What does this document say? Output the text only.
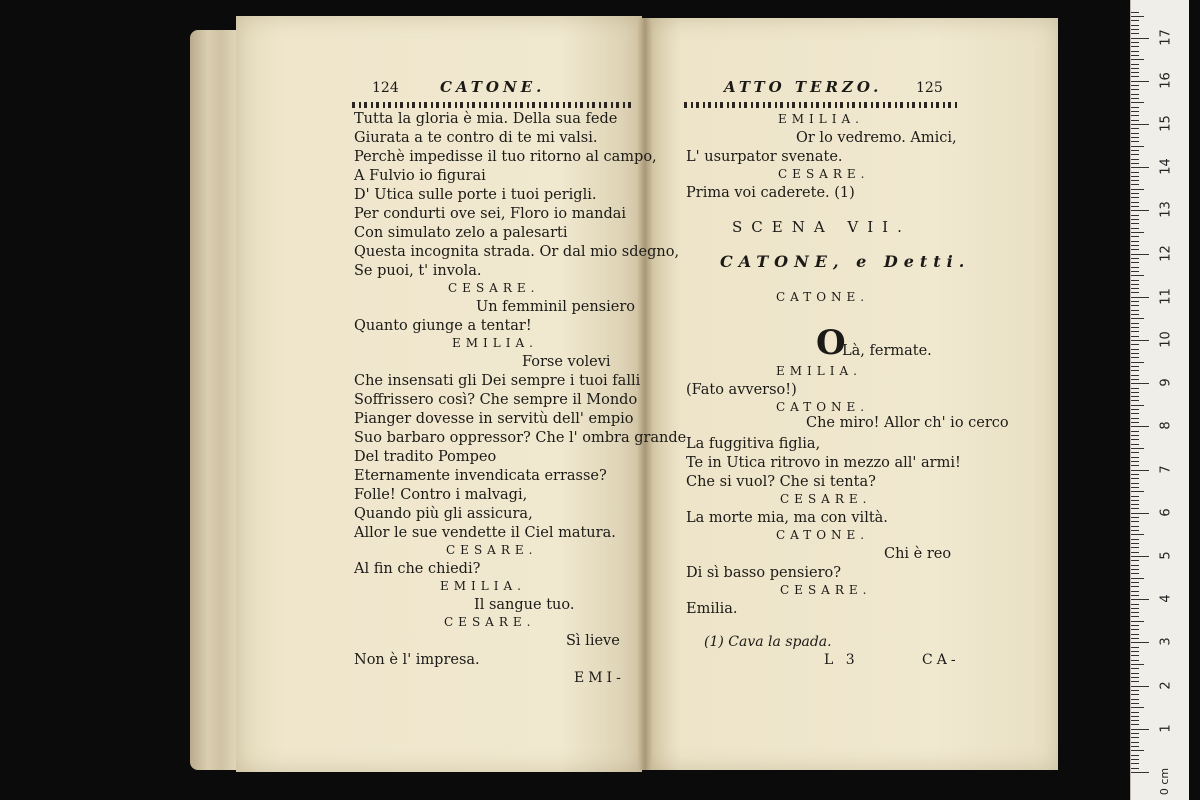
124	CATONE.
Tutta la gloria è mia. Della sua fede
Giurata a te contro di te mi valsi.
Perchè impedisse il tuo ritorno al campo,
A Fulvio io figurai
D' Utica sulle porte i tuoi perigli.
Per condurti ove sei, Floro io mandai
Con simulato zelo a palesarti
Questa incognita strada. Or dal mio sdegno,
Se puoi, t' invola.
CESARE.
Un femminil pensiero
Quanto giunge a tentar!
EMILIA.
Forse volevi
Che insensati gli Dei sempre i tuoi falli
Soffrissero così? Che sempre il Mondo
Pianger dovesse in servitù dell' empio
Suo barbaro oppressor? Che l' ombra grande
Del tradito Pompeo
Eternamente invendicata errasse?
Folle! Contro i malvagi,
Quando più gli assicura,
Allor le sue vendette il Ciel matura.
CESARE.
Al fin che chiedi?
EMILIA.
Il sangue tuo.
CESARE.
Sì lieve
Non è l' impresa.
EMI-
ATTO TERZO. 125
EMILIA.
Or lo vedremo. Amici,
L' usurpator svenate.
CESARE.
Prima voi caderete. (1)
SCENA VII.
CATONE, e Detti.
CATONE.
O
Là, fermate.
EMILIA.
(Fato avverso!)
CATONE.
Che miro! Allor ch' io cerco
La fuggitiva figlia,
Te in Utica ritrovo in mezzo all' armi!
Che si vuol? Che si tenta?
CESARE.
La morte mia, ma con viltà.
CATONE.
Chi è reo
Di sì basso pensiero?
CESARE.
Emilia.
(1) Cava la spada.
L 3	CA-
0 cm
1
2
3
4
5
6
7
8
9
10
11
12
13
14
15
16
17
